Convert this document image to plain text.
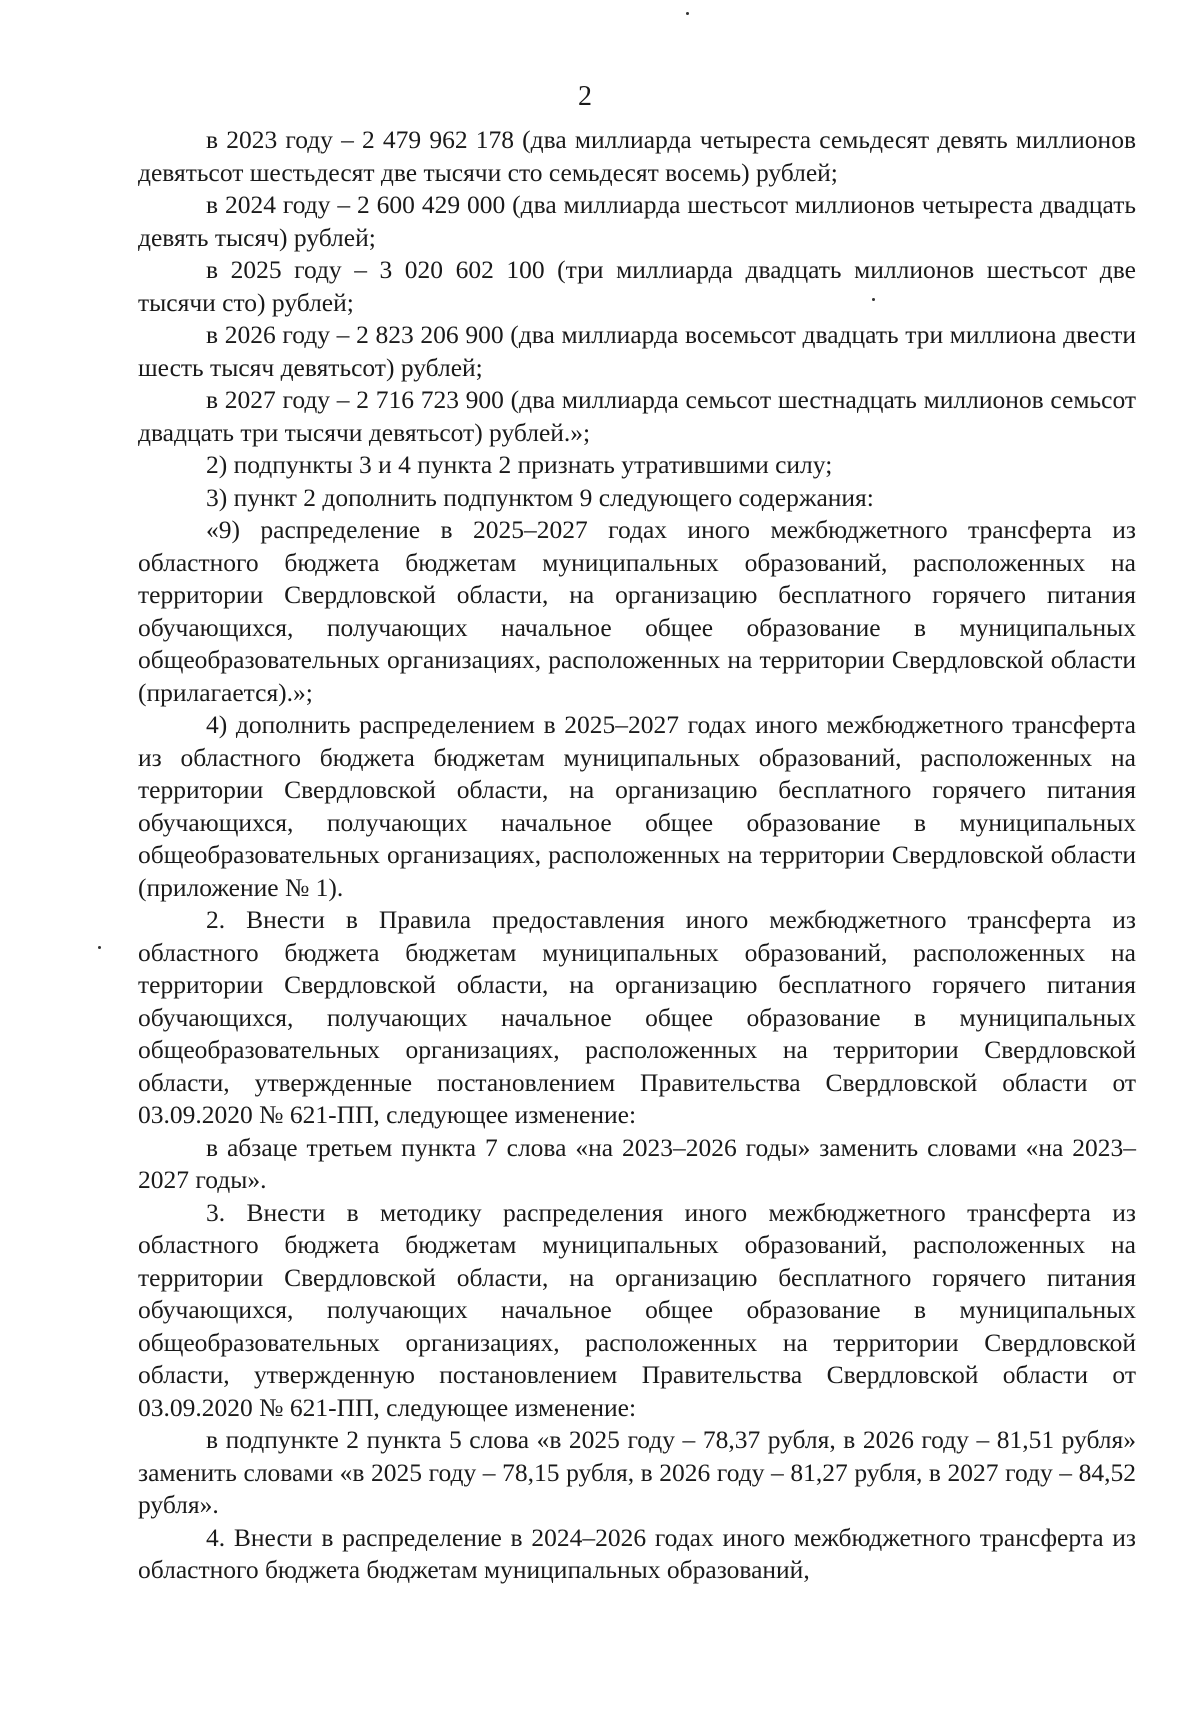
2

в 2023 году – 2 479 962 178 (два миллиарда четыреста семьдесят девять миллионов девятьсот шестьдесят две тысячи сто семьдесят восемь) рублей;

в 2024 году – 2 600 429 000 (два миллиарда шестьсот миллионов четыреста двадцать девять тысяч) рублей;

в 2025 году – 3 020 602 100 (три миллиарда двадцать миллионов шестьсот две тысячи сто) рублей;

в 2026 году – 2 823 206 900 (два миллиарда восемьсот двадцать три миллиона двести шесть тысяч девятьсот) рублей;

в 2027 году – 2 716 723 900 (два миллиарда семьсот шестнадцать миллионов семьсот двадцать три тысячи девятьсот) рублей.»;

2) подпункты 3 и 4 пункта 2 признать утратившими силу;

3) пункт 2 дополнить подпунктом 9 следующего содержания:

«9) распределение в 2025–2027 годах иного межбюджетного трансферта из областного бюджета бюджетам муниципальных образований, расположенных на территории Свердловской области, на организацию бесплатного горячего питания обучающихся, получающих начальное общее образование в муниципальных общеобразовательных организациях, расположенных на территории Свердловской области (прилагается).»;

4) дополнить распределением в 2025–2027 годах иного межбюджетного трансферта из областного бюджета бюджетам муниципальных образований, расположенных на территории Свердловской области, на организацию бесплатного горячего питания обучающихся, получающих начальное общее образование в муниципальных общеобразовательных организациях, расположенных на территории Свердловской области (приложение № 1).

2. Внести в Правила предоставления иного межбюджетного трансферта из областного бюджета бюджетам муниципальных образований, расположенных на территории Свердловской области, на организацию бесплатного горячего питания обучающихся, получающих начальное общее образование в муниципальных общеобразовательных организациях, расположенных на территории Свердловской области, утвержденные постановлением Правительства Свердловской области от 03.09.2020 № 621-ПП, следующее изменение:

в абзаце третьем пункта 7 слова «на 2023–2026 годы» заменить словами «на 2023–2027 годы».

3. Внести в методику распределения иного межбюджетного трансферта из областного бюджета бюджетам муниципальных образований, расположенных на территории Свердловской области, на организацию бесплатного горячего питания обучающихся, получающих начальное общее образование в муниципальных общеобразовательных организациях, расположенных на территории Свердловской области, утвержденную постановлением Правительства Свердловской области от 03.09.2020 № 621-ПП, следующее изменение:

в подпункте 2 пункта 5 слова «в 2025 году – 78,37 рубля, в 2026 году – 81,51 рубля» заменить словами «в 2025 году – 78,15 рубля, в 2026 году – 81,27 рубля, в 2027 году – 84,52 рубля».

4. Внести в распределение в 2024–2026 годах иного межбюджетного трансферта из областного бюджета бюджетам муниципальных образований,
